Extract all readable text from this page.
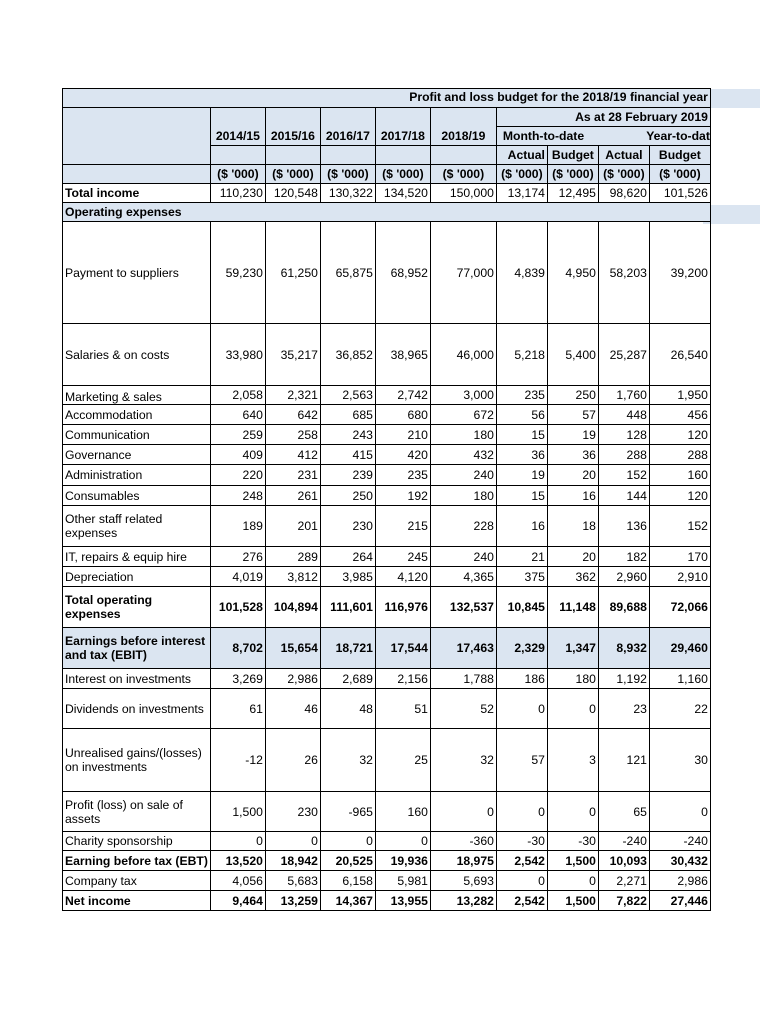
						Profit and loss budget for the 2018/19 financial year			

						As at 28 February 2019			
	2014/15	2015/16	2016/17	2017/18	2018/19	Month-to-date		Year-to-dat	
						Actual	Budget	Actual	Budget
	($ '000)	($ '000)	($ '000)	($ '000)	($ '000)	($ '000)	($ '000)	($ '000)	($ '000)
Total income	110,230	120,548	130,322	134,520	150,000	13,174	12,495	98,620	101,526
Operating expenses									
Payment to suppliers	59,230	61,250	65,875	68,952	77,000	4,839	4,950	58,203	39,200
Salaries & on costs	33,980	35,217	36,852	38,965	46,000	5,218	5,400	25,287	26,540
Marketing & sales	2,058	2,321	2,563	2,742	3,000	235	250	1,760	1,950
Accommodation	640	642	685	680	672	56	57	448	456
Communication	259	258	243	210	180	15	19	128	120
Governance	409	412	415	420	432	36	36	288	288
Administration	220	231	239	235	240	19	20	152	160
Consumables	248	261	250	192	180	15	16	144	120
Other staff related expenses	189	201	230	215	228	16	18	136	152
IT, repairs & equip hire	276	289	264	245	240	21	20	182	170
Depreciation	4,019	3,812	3,985	4,120	4,365	375	362	2,960	2,910
Total operating expenses	101,528	104,894	111,601	116,976	132,537	10,845	11,148	89,688	72,066
Earnings before interest and tax (EBIT)	8,702	15,654	18,721	17,544	17,463	2,329	1,347	8,932	29,460
Interest on investments	3,269	2,986	2,689	2,156	1,788	186	180	1,192	1,160
Dividends on investments	61	46	48	51	52	0	0	23	22
Unrealised gains/(losses) on investments	-12	26	32	25	32	57	3	121	30
Profit (loss) on sale of assets	1,500	230	-965	160	0	0	0	65	0
Charity sponsorship	0	0	0	0	-360	-30	-30	-240	-240
Earning before tax (EBT)	13,520	18,942	20,525	19,936	18,975	2,542	1,500	10,093	30,432
Company tax	4,056	5,683	6,158	5,981	5,693	0	0	2,271	2,986
Net income	9,464	13,259	14,367	13,955	13,282	2,542	1,500	7,822	27,446
